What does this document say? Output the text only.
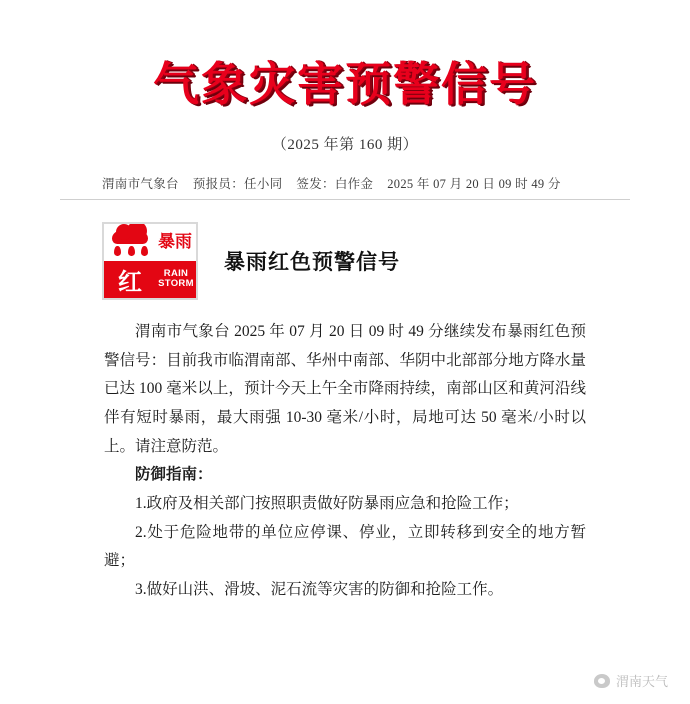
气象灾害预警信号
（2025 年第 160 期）
渭南市气象台 预报员：任小同 签发：白作金 2025 年 07 月 20 日 09 时 49 分
暴雨
红	RAIN STORM
暴雨红色预警信号

渭南市气象台 2025 年 07 月 20 日 09 时 49 分继续发布暴雨红色预警信号：目前我市临渭南部、华州中南部、华阴中北部部分地方降水量已达 100 毫米以上，预计今天上午全市降雨持续，南部山区和黄河沿线伴有短时暴雨，最大雨强 10-30 毫米/小时，局地可达 50 毫米/小时以上。请注意防范。

防御指南：

1.政府及相关部门按照职责做好防暴雨应急和抢险工作；

2.处于危险地带的单位应停课、停业，立即转移到安全的地方暂避；

3.做好山洪、滑坡、泥石流等灾害的防御和抢险工作。

渭南天气
